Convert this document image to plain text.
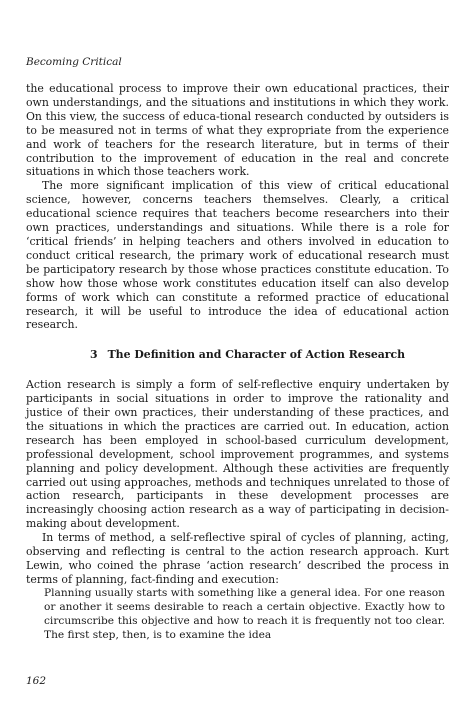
Becoming Critical

the educational process to improve their own educational practices, their own understandings, and the situations and institutions in which they work. On this view, the success of educa-tional research conducted by outsiders is to be measured not in terms of what they expropriate from the experience and work of teachers for the research literature, but in terms of their contribution to the improvement of education in the real and concrete situations in which those teachers work.

The more significant implication of this view of critical educational science, however, concerns teachers themselves. Clearly, a critical educational science requires that teachers become researchers into their own practices, understandings and situations. While there is a role for ‘critical friends’ in helping teachers and others involved in education to conduct critical research, the primary work of educational research must be participatory research by those whose practices constitute education. To show how those whose work constitutes education itself can also develop forms of work which can constitute a reformed practice of educational research, it will be useful to introduce the idea of educational action research.

3 The Definition and Character of Action Research

Action research is simply a form of self-reflective enquiry undertaken by participants in social situations in order to improve the rationality and justice of their own practices, their understanding of these practices, and the situations in which the practices are carried out. In education, action research has been employed in school-based curriculum development, professional development, school improvement programmes, and systems planning and policy development. Although these activities are frequently carried out using approaches, methods and techniques unrelated to those of action research, participants in these development processes are increasingly choosing action research as a way of participating in decision-making about development.

In terms of method, a self-reflective spiral of cycles of planning, acting, observing and reflecting is central to the action research approach. Kurt Lewin, who coined the phrase ‘action research’ described the process in terms of planning, fact-finding and execution:

Planning usually starts with something like a general idea. For one reason or another it seems desirable to reach a certain objective. Exactly how to circumscribe this objective and how to reach it is frequently not too clear. The first step, then, is to examine the idea

162
